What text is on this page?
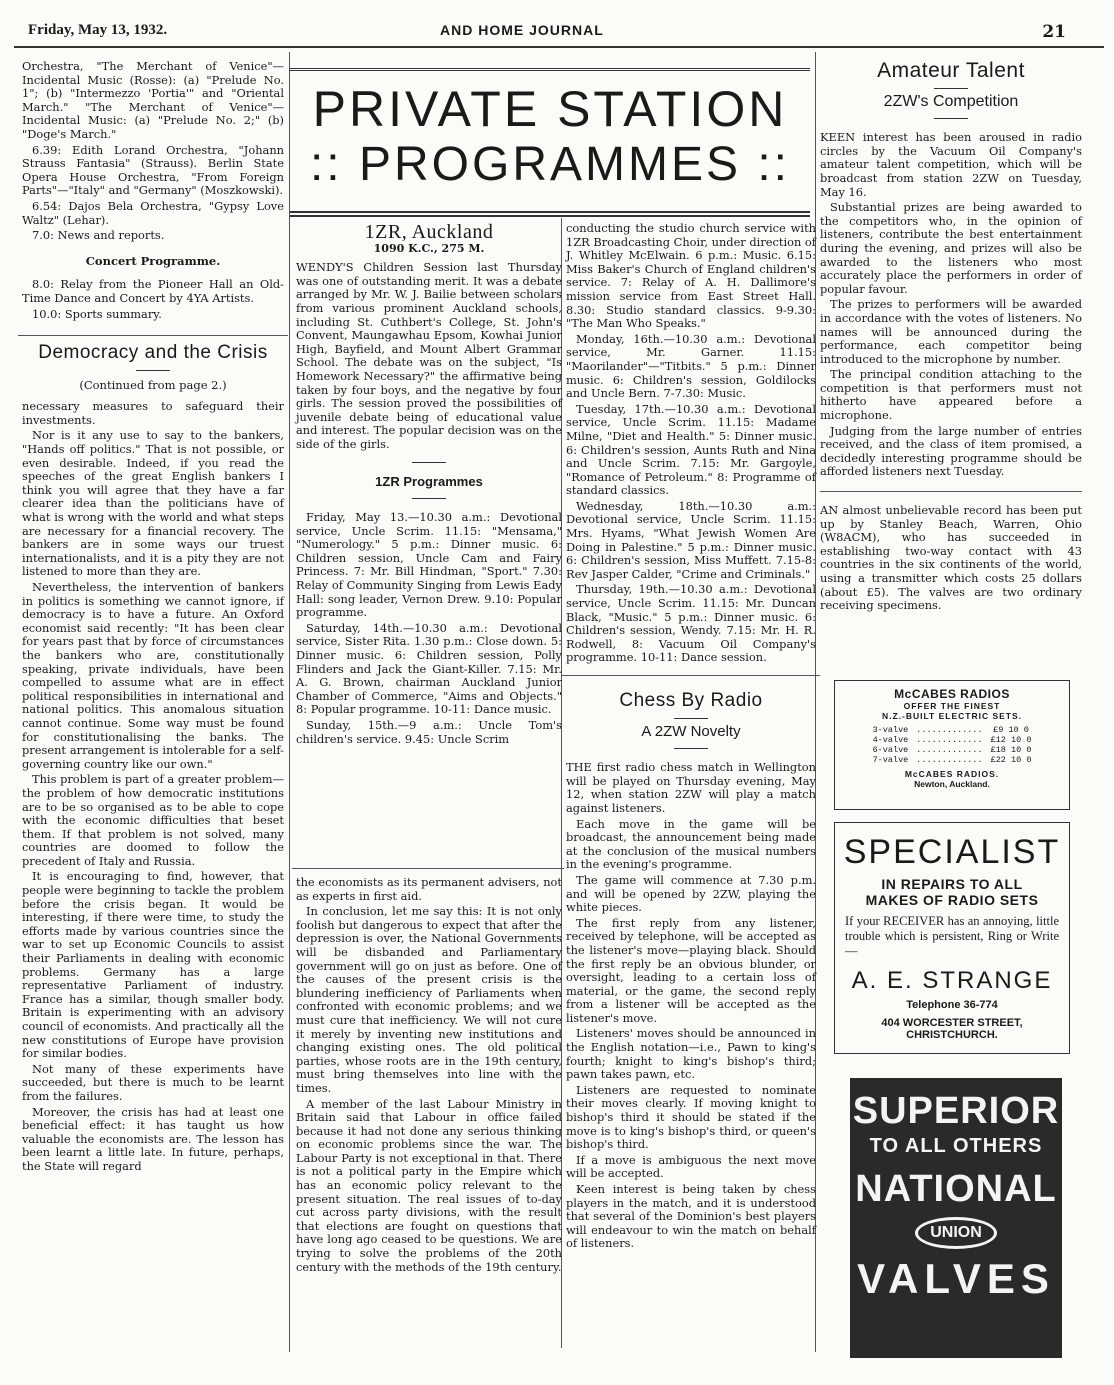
Friday, May 13, 1932.	AND HOME JOURNAL	21
PRIVATE STATION
:: PROGRAMMES ::

Orchestra, "The Merchant of Venice"—Incidental Music (Rosse): (a) "Prelude No. 1"; (b) "Intermezzo 'Portia'" and "Oriental March." "The Merchant of Venice"—Incidental Music: (a) "Prelude No. 2;" (b) "Doge's March."

6.39: Edith Lorand Orchestra, "Johann Strauss Fantasia" (Strauss). Berlin State Opera House Orchestra, "From Foreign Parts"—"Italy" and "Germany" (Moszkowski).

6.54: Dajos Bela Orchestra, "Gypsy Love Waltz" (Lehar).

7.0: News and reports.

Concert Programme.

8.0: Relay from the Pioneer Hall an Old-Time Dance and Concert by 4YA Artists.

10.0: Sports summary.

Democracy and the Crisis
(Continued from page 2.)

necessary measures to safeguard their investments.

Nor is it any use to say to the bankers, "Hands off politics." That is not possible, or even desirable. Indeed, if you read the speeches of the great English bankers I think you will agree that they have a far clearer idea than the politicians have of what is wrong with the world and what steps are necessary for a financial recovery. The bankers are in some ways our truest internationalists, and it is a pity they are not listened to more than they are.

Nevertheless, the intervention of bankers in politics is something we cannot ignore, if democracy is to have a future. An Oxford economist said recently: "It has been clear for years past that by force of circumstances the bankers who are, constitutionally speaking, private individuals, have been compelled to assume what are in effect political responsibilities in international and national politics. This anomalous situation cannot continue. Some way must be found for constitutionalising the banks. The present arrangement is intolerable for a self-governing country like our own."

This problem is part of a greater problem—the problem of how democratic institutions are to be so organised as to be able to cope with the economic difficulties that beset them. If that problem is not solved, many countries are doomed to follow the precedent of Italy and Russia.

It is encouraging to find, however, that people were beginning to tackle the problem before the crisis began. It would be interesting, if there were time, to study the efforts made by various countries since the war to set up Economic Councils to assist their Parliaments in dealing with economic problems. Germany has a large representative Parliament of industry. France has a similar, though smaller body. Britain is experimenting with an advisory council of economists. And practically all the new constitutions of Europe have provision for similar bodies.

Not many of these experiments have succeeded, but there is much to be learnt from the failures.

Moreover, the crisis has had at least one beneficial effect: it has taught us how valuable the economists are. The lesson has been learnt a little late. In future, perhaps, the State will regard

1ZR, Auckland
1090 K.C., 275 M.

WENDY'S Children Session last Thursday was one of outstanding merit. It was a debate arranged by Mr. W. J. Bailie between scholars from various prominent Auckland schools, including St. Cuthbert's College, St. John's Convent, Maungawhau Epsom, Kowhai Junior High, Bayfield, and Mount Albert Grammar School. The debate was on the subject, "Is Homework Necessary?" the affirmative being taken by four boys, and the negative by four girls. The session proved the possibilities of juvenile debate being of educational value and interest. The popular decision was on the side of the girls.

1ZR Programmes

Friday, May 13.—10.30 a.m.: Devotional service, Uncle Scrim. 11.15: "Mensama," "Numerology." 5 p.m.: Dinner music. 6: Children session, Uncle Cam and Fairy Princess. 7: Mr. Bill Hindman, "Sport." 7.30: Relay of Community Singing from Lewis Eady Hall: song leader, Vernon Drew. 9.10: Popular programme.

Saturday, 14th.—10.30 a.m.: Devotional service, Sister Rita. 1.30 p.m.: Close down. 5: Dinner music. 6: Children session, Polly Flinders and Jack the Giant-Killer. 7.15: Mr. A. G. Brown, chairman Auckland Junior Chamber of Commerce, "Aims and Objects." 8: Popular programme. 10-11: Dance music.

Sunday, 15th.—9 a.m.: Uncle Tom's children's service. 9.45: Uncle Scrim

the economists as its permanent advisers, not as experts in first aid.

In conclusion, let me say this: It is not only foolish but dangerous to expect that after the depression is over, the National Governments will be disbanded and Parliamentary government will go on just as before. One of the causes of the present crisis is the blundering inefficiency of Parliaments when confronted with economic problems; and we must cure that inefficiency. We will not cure it merely by inventing new institutions and changing existing ones. The old political parties, whose roots are in the 19th century, must bring themselves into line with the times.

A member of the last Labour Ministry in Britain said that Labour in office failed because it had not done any serious thinking on economic problems since the war. The Labour Party is not exceptional in that. There is not a political party in the Empire which has an economic policy relevant to the present situation. The real issues of to-day cut across party divisions, with the result that elections are fought on questions that have long ago ceased to be questions. We are trying to solve the problems of the 20th century with the methods of the 19th century.

conducting the studio church service with 1ZR Broadcasting Choir, under direction of J. Whitley McElwain. 6 p.m.: Music. 6.15: Miss Baker's Church of England children's service. 7: Relay of A. H. Dallimore's mission service from East Street Hall. 8.30: Studio standard classics. 9-9.30: "The Man Who Speaks."

Monday, 16th.—10.30 a.m.: Devotional service, Mr. Garner. 11.15: "Maorilander"—"Titbits." 5 p.m.: Dinner music. 6: Children's session, Goldilocks and Uncle Bern. 7-7.30: Music.

Tuesday, 17th.—10.30 a.m.: Devotional service, Uncle Scrim. 11.15: Madame Milne, "Diet and Health." 5: Dinner music. 6: Children's session, Aunts Ruth and Nina and Uncle Scrim. 7.15: Mr. Gargoyle, "Romance of Petroleum." 8: Programme of standard classics.

Wednesday, 18th.—10.30 a.m.: Devotional service, Uncle Scrim. 11.15: Mrs. Hyams, "What Jewish Women Are Doing in Palestine." 5 p.m.: Dinner music. 6: Children's session, Miss Muffett. 7.15-8: Rev Jasper Calder, "Crime and Criminals."

Thursday, 19th.—10.30 a.m.: Devotional service, Uncle Scrim. 11.15: Mr. Duncan Black, "Music." 5 p.m.: Dinner music. 6: Children's session, Wendy. 7.15: Mr. H. R. Rodwell, 8: Vacuum Oil Company's programme. 10-11: Dance session.

Chess By Radio
A 2ZW Novelty

THE first radio chess match in Wellington will be played on Thursday evening, May 12, when station 2ZW will play a match against listeners.

Each move in the game will be broadcast, the announcement being made at the conclusion of the musical numbers in the evening's programme.

The game will commence at 7.30 p.m. and will be opened by 2ZW, playing the white pieces.

The first reply from any listener, received by telephone, will be accepted as the listener's move—playing black. Should the first reply be an obvious blunder, or oversight, leading to a certain loss of material, or the game, the second reply from a listener will be accepted as the listener's move.

Listeners' moves should be announced in the English notation—i.e., Pawn to king's fourth; knight to king's bishop's third; pawn takes pawn, etc.

Listeners are requested to nominate their moves clearly. If moving knight to bishop's third it should be stated if the move is to king's bishop's third, or queen's bishop's third.

If a move is ambiguous the next move will be accepted.

Keen interest is being taken by chess players in the match, and it is understood that several of the Dominion's best players will endeavour to win the match on behalf of listeners.

Amateur Talent
2ZW's Competition

KEEN interest has been aroused in radio circles by the Vacuum Oil Company's amateur talent competition, which will be broadcast from station 2ZW on Tuesday, May 16.

Substantial prizes are being awarded to the competitors who, in the opinion of listeners, contribute the best entertainment during the evening, and prizes will also be awarded to the listeners who most accurately place the performers in order of popular favour.

The prizes to performers will be awarded in accordance with the votes of listeners. No names will be announced during the performance, each competitor being introduced to the microphone by number.

The principal condition attaching to the competition is that performers must not hitherto have appeared before a microphone.

Judging from the large number of entries received, and the class of item promised, a decidedly interesting programme should be afforded listeners next Tuesday.

AN almost unbelievable record has been put up by Stanley Beach, Warren, Ohio (W8ACM), who has succeeded in establishing two-way contact with 43 countries in the six continents of the world, using a transmitter which costs 25 dollars (about £5). The valves are two ordinary receiving specimens.

McCABES RADIOS
OFFER THE FINEST
N.Z.-BUILT ELECTRIC SETS.
3-valve	.............	£9 10 0
4-valve	.............	£12 10 0
6-valve	.............	£18 10 0
7-valve	.............	£22 10 0
McCABES RADIOS.
Newton, Auckland.
SPECIALIST
IN REPAIRS TO ALL
MAKES OF RADIO SETS
If your RECEIVER has an annoying, little trouble which is persistent, Ring or Write—
A. E. STRANGE
Telephone 36-774
404 WORCESTER STREET,
CHRISTCHURCH.
SUPERIOR
TO ALL OTHERS
NATIONAL
UNION
VALVES
